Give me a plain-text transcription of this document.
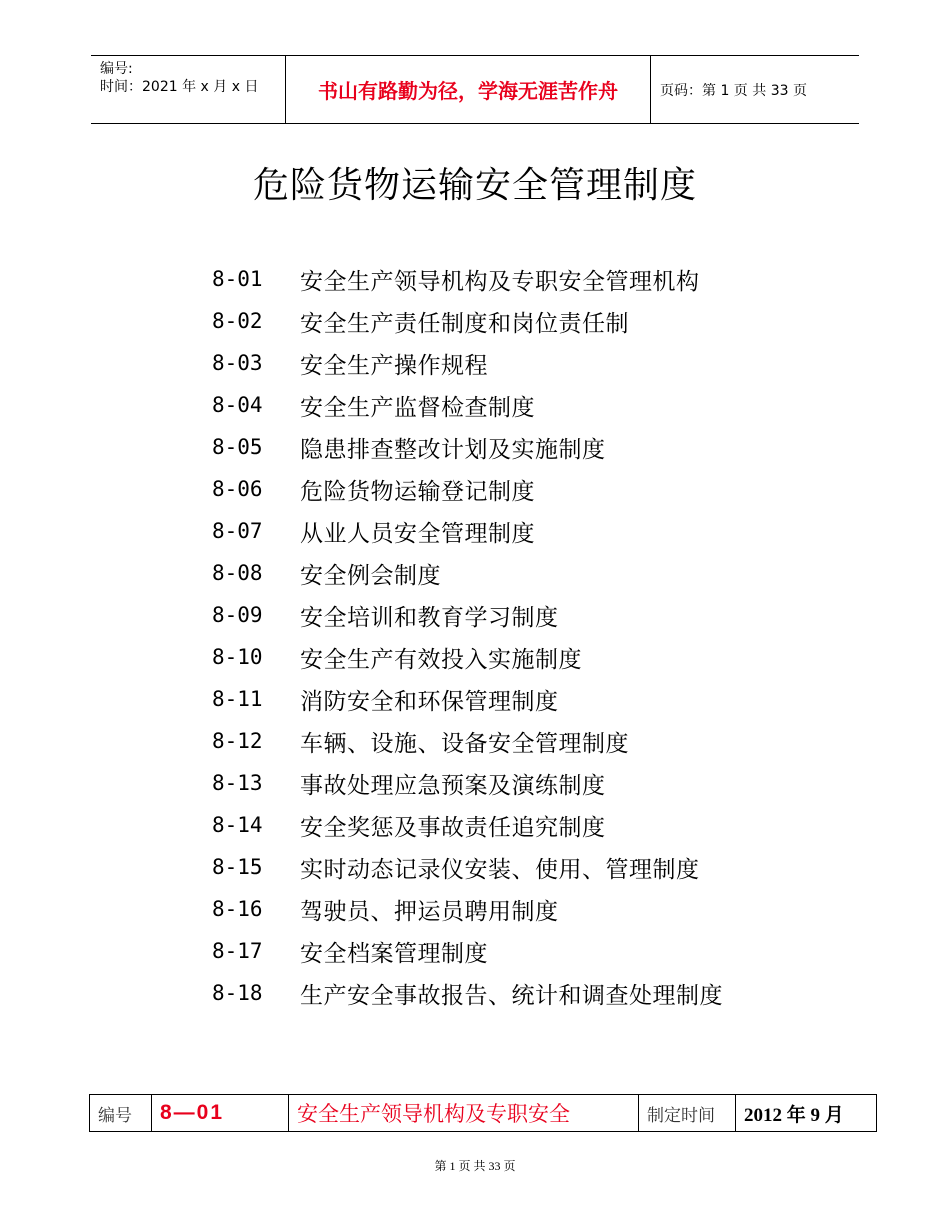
编号:
时间：2021 年 x 月 x 日	书山有路勤为径，学海无涯苦作舟	页码：第 1 页 共 33 页
危险货物运输安全管理制度
8-01	安全生产领导机构及专职安全管理机构
8-02	安全生产责任制度和岗位责任制
8-03	安全生产操作规程
8-04	安全生产监督检查制度
8-05	隐患排查整改计划及实施制度
8-06	危险货物运输登记制度
8-07	从业人员安全管理制度
8-08	安全例会制度
8-09	安全培训和教育学习制度
8-10	安全生产有效投入实施制度
8-11	消防安全和环保管理制度
8-12	车辆、设施、设备安全管理制度
8-13	事故处理应急预案及演练制度
8-14	安全奖惩及事故责任追究制度
8-15	实时动态记录仪安装、使用、管理制度
8-16	驾驶员、押运员聘用制度
8-17	安全档案管理制度
8-18	生产安全事故报告、统计和调查处理制度
编号	8—01	安全生产领导机构及专职安全	制定时间	2012 年 9 月
第 1 页 共 33 页
